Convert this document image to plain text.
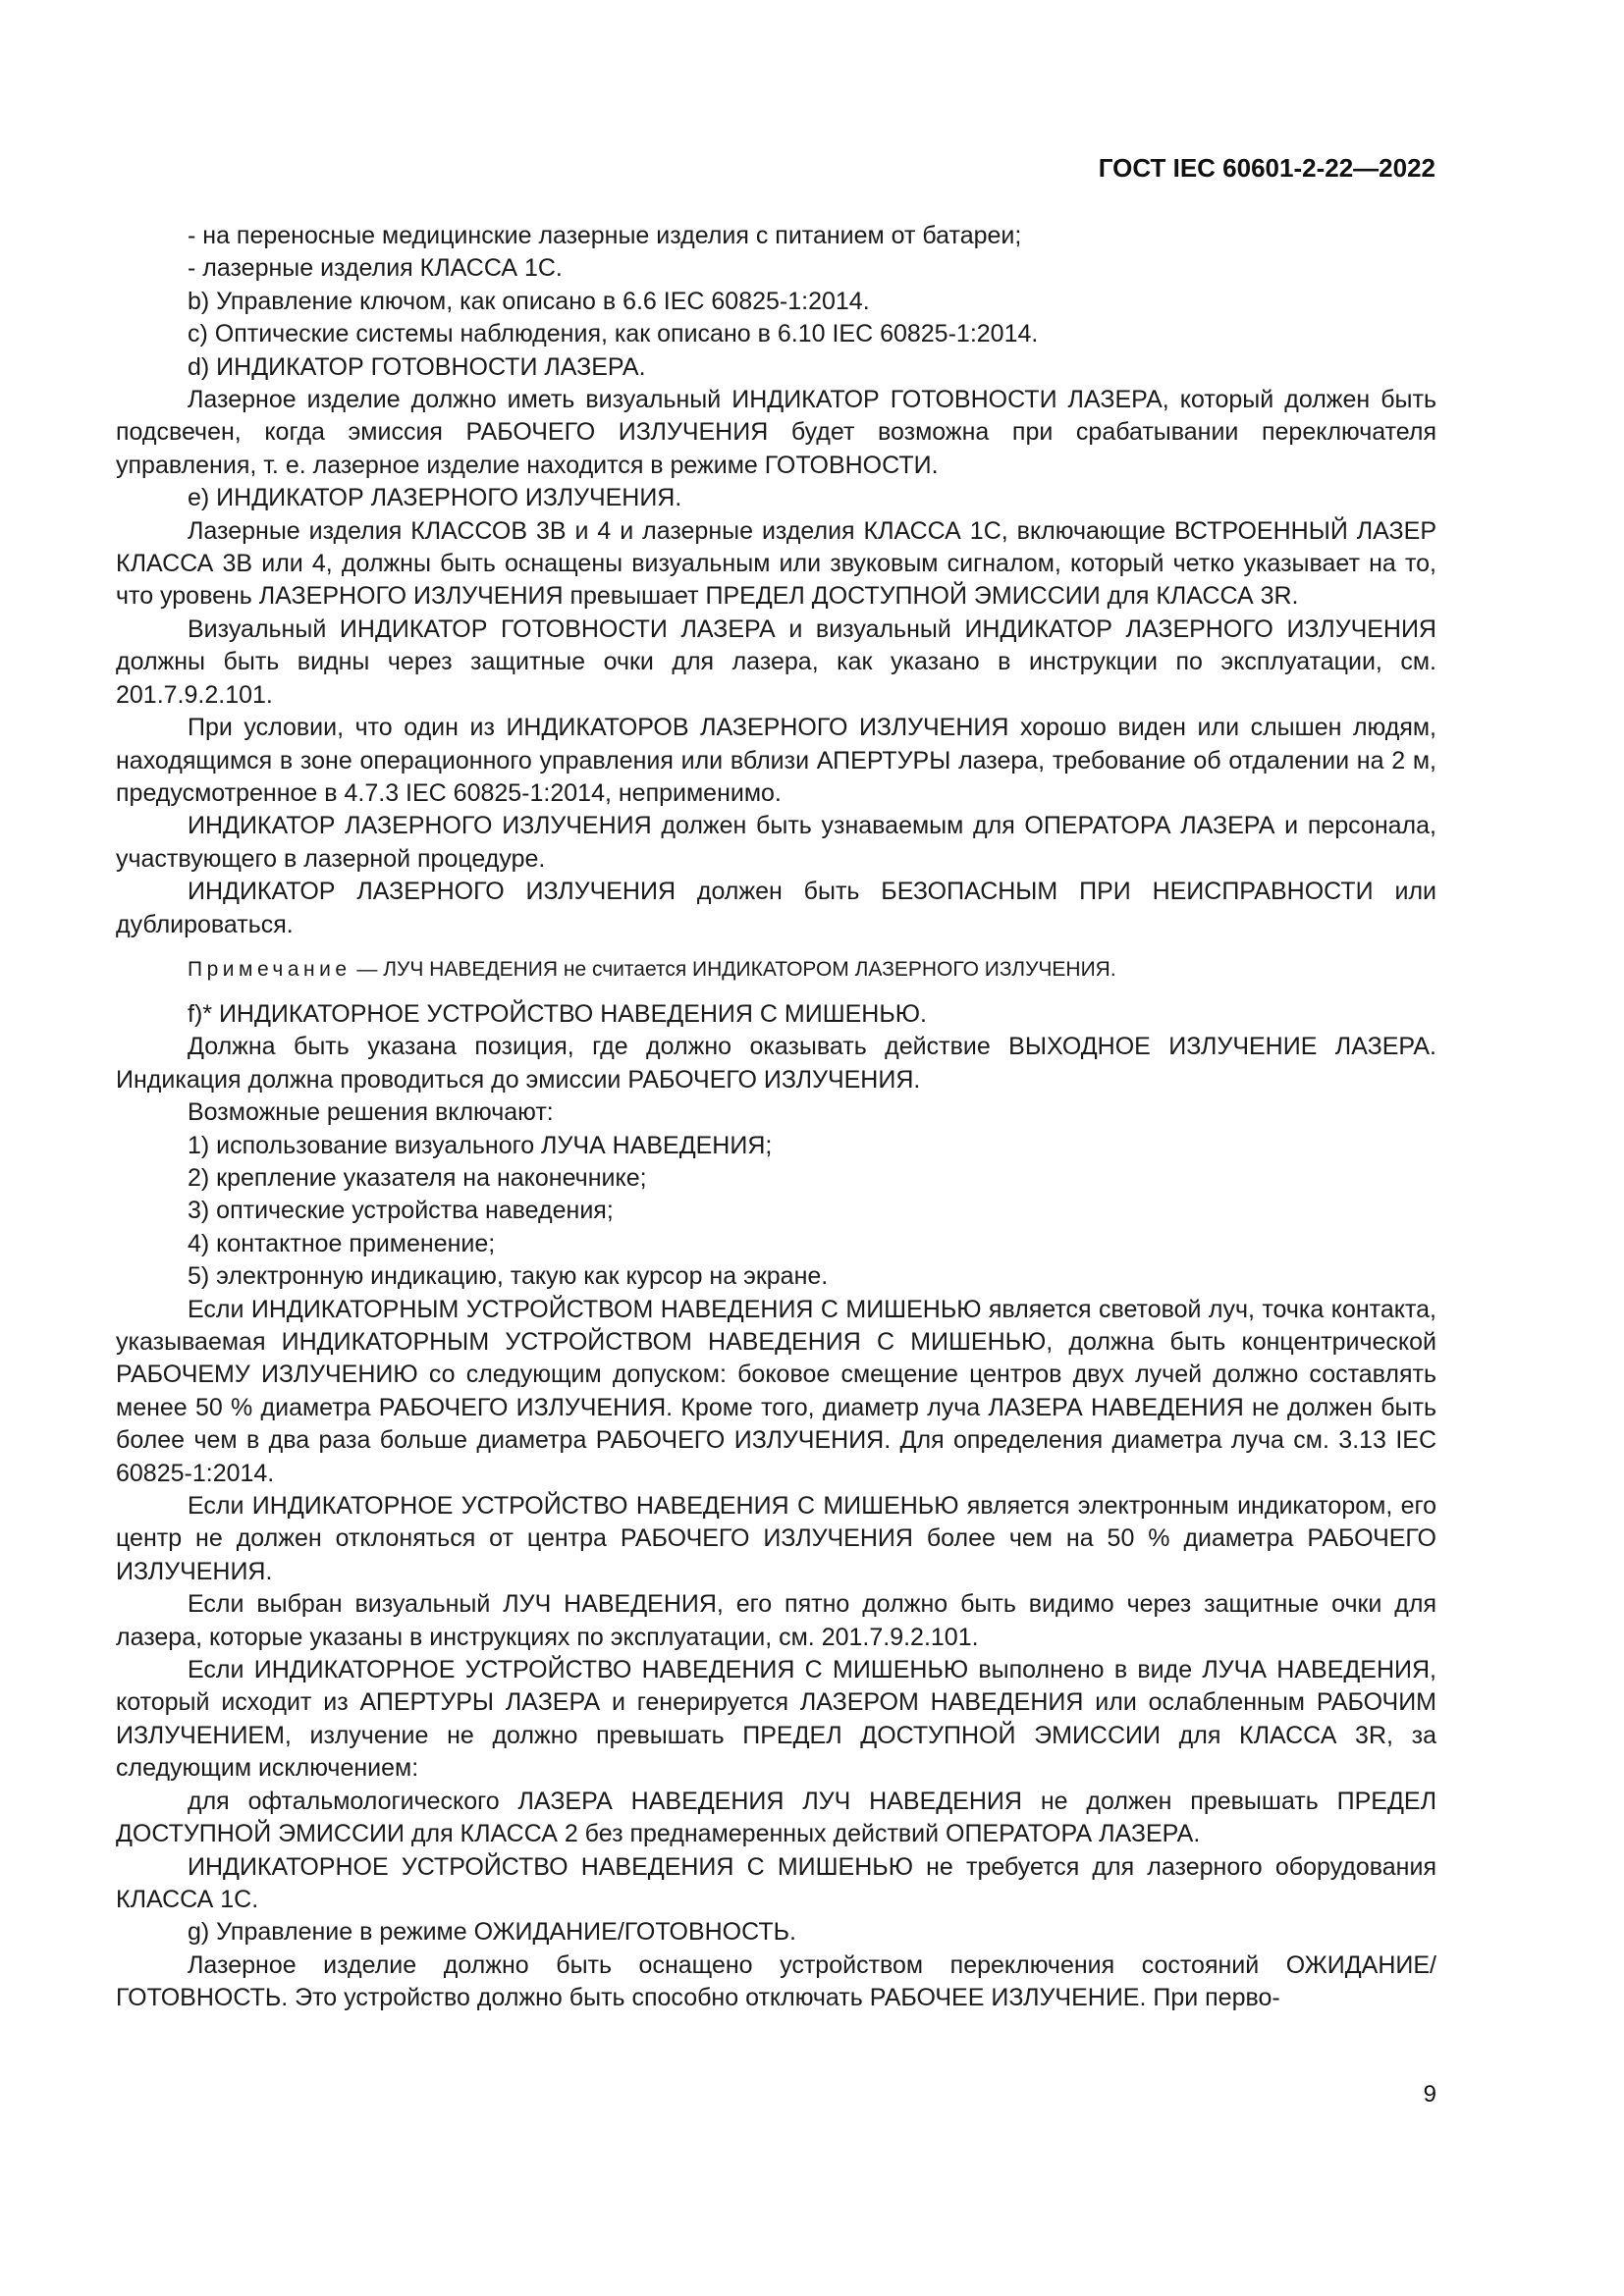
ГОСТ IEC 60601-2-22—2022

- на переносные медицинские лазерные изделия с питанием от батареи;

- лазерные изделия КЛАССА 1С.

b) Управление ключом, как описано в 6.6 IEC 60825-1:2014.

c) Оптические системы наблюдения, как описано в 6.10 IEC 60825-1:2014.

d) ИНДИКАТОР ГОТОВНОСТИ ЛАЗЕРА.

Лазерное изделие должно иметь визуальный ИНДИКАТОР ГОТОВНОСТИ ЛАЗЕРА, который должен быть подсвечен, когда эмиссия РАБОЧЕГО ИЗЛУЧЕНИЯ будет возможна при срабатывании переключателя управления, т. е. лазерное изделие находится в режиме ГОТОВНОСТИ.

e) ИНДИКАТОР ЛАЗЕРНОГО ИЗЛУЧЕНИЯ.

Лазерные изделия КЛАССОВ 3В и 4 и лазерные изделия КЛАССА 1С, включающие ВСТРОЕННЫЙ ЛАЗЕР КЛАССА 3В или 4, должны быть оснащены визуальным или звуковым сигналом, который четко указывает на то, что уровень ЛАЗЕРНОГО ИЗЛУЧЕНИЯ превышает ПРЕДЕЛ ДОСТУПНОЙ ЭМИССИИ для КЛАССА 3R.

Визуальный ИНДИКАТОР ГОТОВНОСТИ ЛАЗЕРА и визуальный ИНДИКАТОР ЛАЗЕРНОГО ИЗЛУЧЕНИЯ должны быть видны через защитные очки для лазера, как указано в инструкции по эксплуатации, см. 201.7.9.2.101.

При условии, что один из ИНДИКАТОРОВ ЛАЗЕРНОГО ИЗЛУЧЕНИЯ хорошо виден или слышен людям, находящимся в зоне операционного управления или вблизи АПЕРТУРЫ лазера, требование об отдалении на 2 м, предусмотренное в 4.7.3 IEC 60825-1:2014, неприменимо.

ИНДИКАТОР ЛАЗЕРНОГО ИЗЛУЧЕНИЯ должен быть узнаваемым для ОПЕРАТОРА ЛАЗЕРА и персонала, участвующего в лазерной процедуре.

ИНДИКАТОР ЛАЗЕРНОГО ИЗЛУЧЕНИЯ должен быть БЕЗОПАСНЫМ ПРИ НЕИСПРАВНОСТИ или дублироваться.

Примечание — ЛУЧ НАВЕДЕНИЯ не считается ИНДИКАТОРОМ ЛАЗЕРНОГО ИЗЛУЧЕНИЯ.

f)* ИНДИКАТОРНОЕ УСТРОЙСТВО НАВЕДЕНИЯ С МИШЕНЬЮ.

Должна быть указана позиция, где должно оказывать действие ВЫХОДНОЕ ИЗЛУЧЕНИЕ ЛАЗЕРА. Индикация должна проводиться до эмиссии РАБОЧЕГО ИЗЛУЧЕНИЯ.

Возможные решения включают:

1) использование визуального ЛУЧА НАВЕДЕНИЯ;

2) крепление указателя на наконечнике;

3) оптические устройства наведения;

4) контактное применение;

5) электронную индикацию, такую как курсор на экране.

Если ИНДИКАТОРНЫМ УСТРОЙСТВОМ НАВЕДЕНИЯ С МИШЕНЬЮ является световой луч, точка контакта, указываемая ИНДИКАТОРНЫМ УСТРОЙСТВОМ НАВЕДЕНИЯ С МИШЕНЬЮ, должна быть концентрической РАБОЧЕМУ ИЗЛУЧЕНИЮ со следующим допуском: боковое смещение центров двух лучей должно составлять менее 50 % диаметра РАБОЧЕГО ИЗЛУЧЕНИЯ. Кроме того, диаметр луча ЛАЗЕРА НАВЕДЕНИЯ не должен быть более чем в два раза больше диаметра РАБОЧЕГО ИЗЛУЧЕНИЯ. Для определения диаметра луча см. 3.13 IEC 60825-1:2014.

Если ИНДИКАТОРНОЕ УСТРОЙСТВО НАВЕДЕНИЯ С МИШЕНЬЮ является электронным индикатором, его центр не должен отклоняться от центра РАБОЧЕГО ИЗЛУЧЕНИЯ более чем на 50 % диаметра РАБОЧЕГО ИЗЛУЧЕНИЯ.

Если выбран визуальный ЛУЧ НАВЕДЕНИЯ, его пятно должно быть видимо через защитные очки для лазера, которые указаны в инструкциях по эксплуатации, см. 201.7.9.2.101.

Если ИНДИКАТОРНОЕ УСТРОЙСТВО НАВЕДЕНИЯ С МИШЕНЬЮ выполнено в виде ЛУЧА НАВЕДЕНИЯ, который исходит из АПЕРТУРЫ ЛАЗЕРА и генерируется ЛАЗЕРОМ НАВЕДЕНИЯ или ослабленным РАБОЧИМ ИЗЛУЧЕНИЕМ, излучение не должно превышать ПРЕДЕЛ ДОСТУПНОЙ ЭМИССИИ для КЛАССА 3R, за следующим исключением:

для офтальмологического ЛАЗЕРА НАВЕДЕНИЯ ЛУЧ НАВЕДЕНИЯ не должен превышать ПРЕДЕЛ ДОСТУПНОЙ ЭМИССИИ для КЛАССА 2 без преднамеренных действий ОПЕРАТОРА ЛАЗЕРА.

ИНДИКАТОРНОЕ УСТРОЙСТВО НАВЕДЕНИЯ С МИШЕНЬЮ не требуется для лазерного оборудования КЛАССА 1С.

g) Управление в режиме ОЖИДАНИЕ/ГОТОВНОСТЬ.

Лазерное изделие должно быть оснащено устройством переключения состояний ОЖИДАНИЕ/ ГОТОВНОСТЬ. Это устройство должно быть способно отключать РАБОЧЕЕ ИЗЛУЧЕНИЕ. При перво-

9
